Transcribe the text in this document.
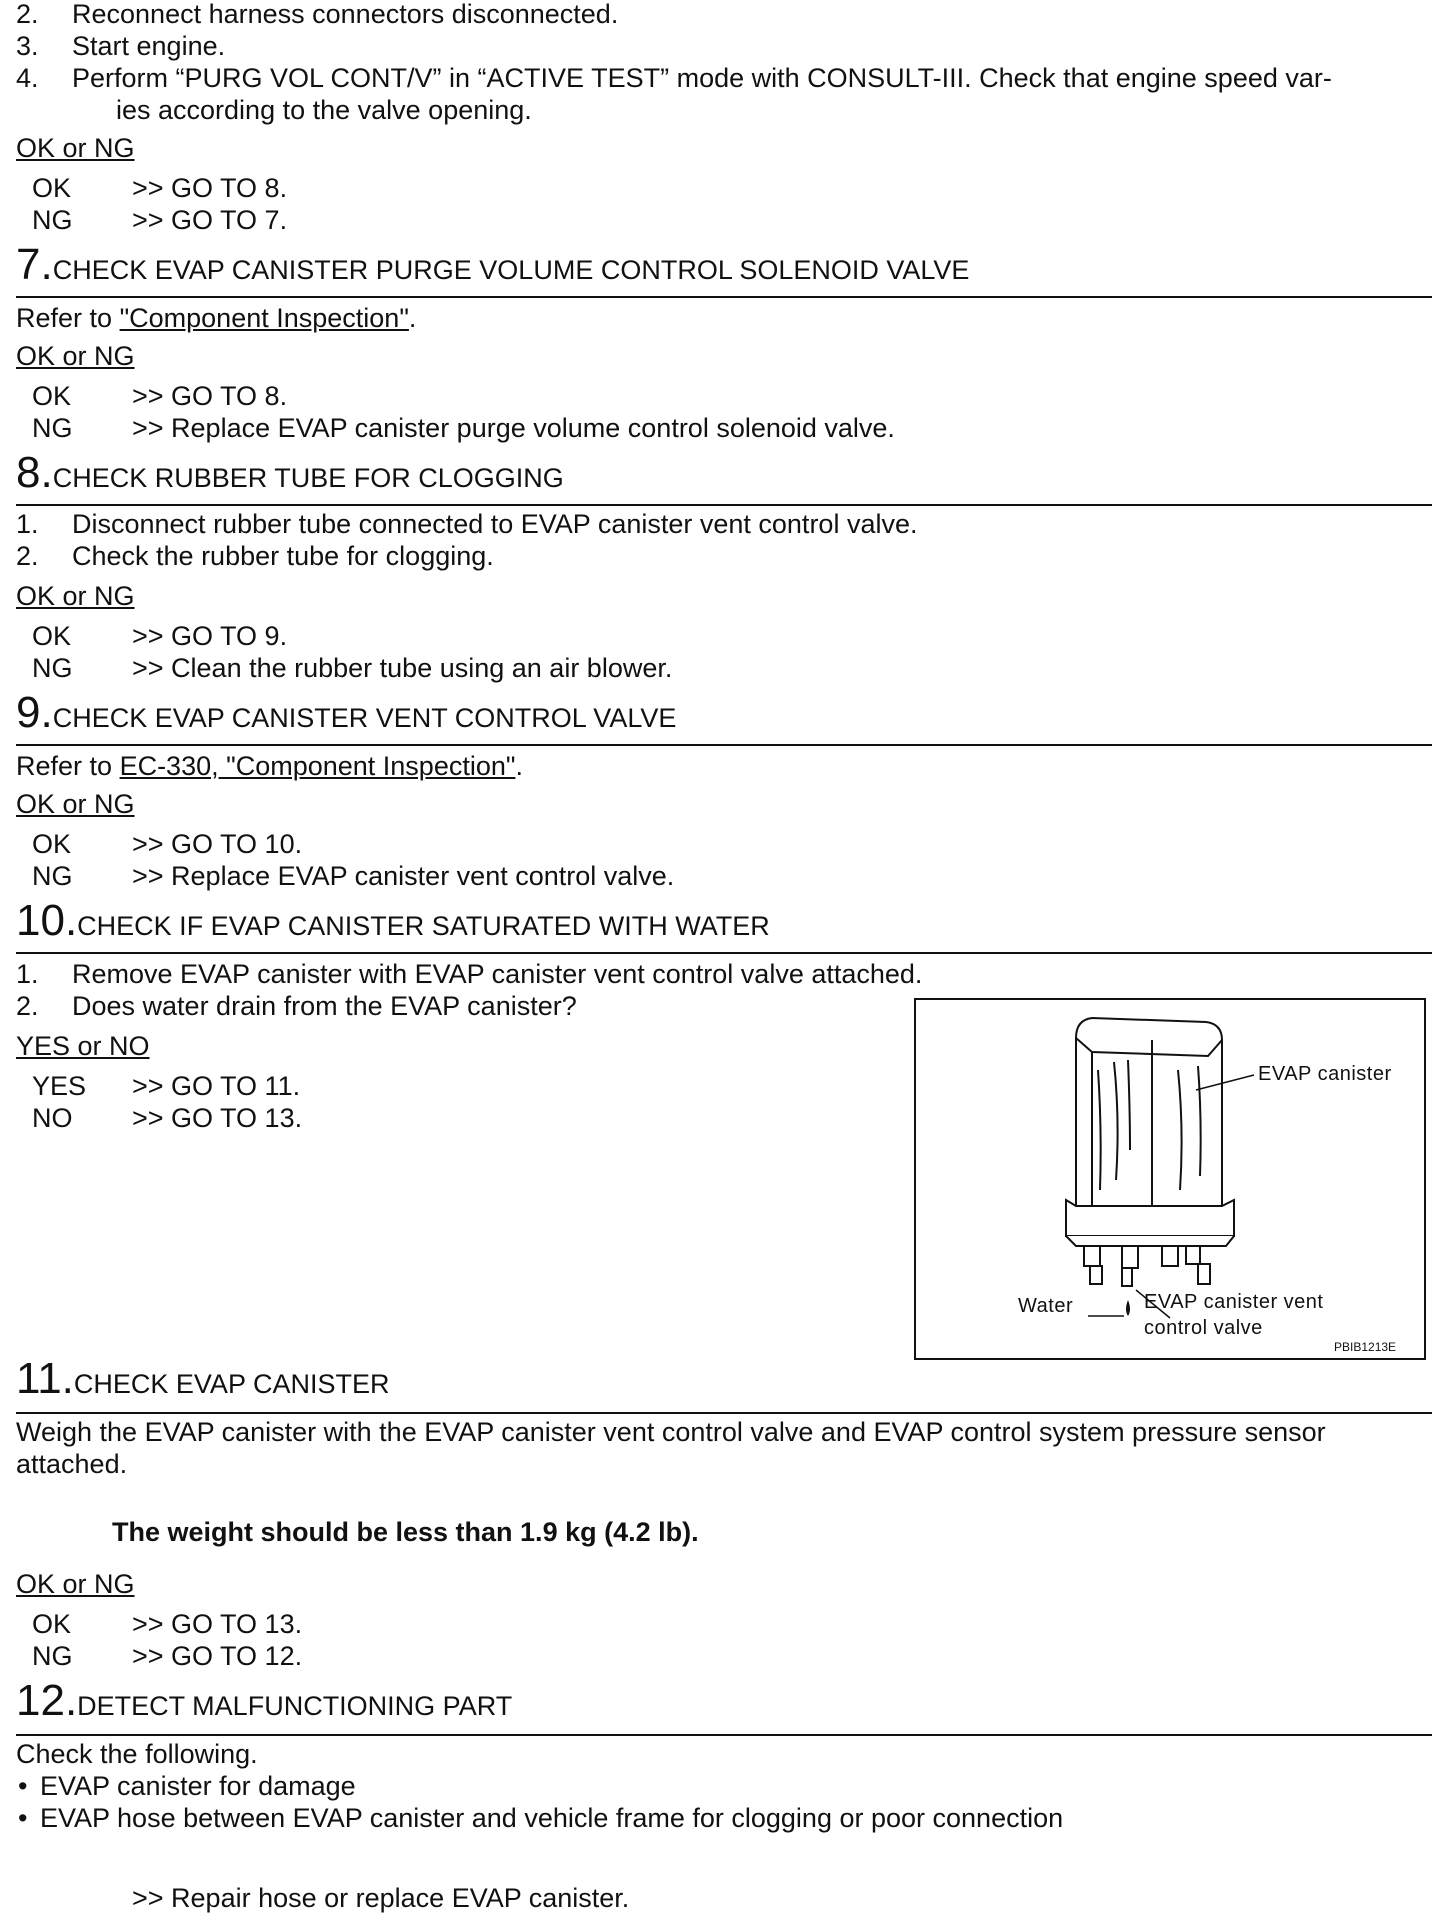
2. Reconnect harness connectors disconnected.
3. Start engine.
4. Perform “PURG VOL CONT/V” in “ACTIVE TEST” mode with CONSULT-III. Check that engine speed var-
ies according to the valve opening.
OK or NG
OK >> GO TO 8.
NG >> GO TO 7.
7.CHECK EVAP CANISTER PURGE VOLUME CONTROL SOLENOID VALVE
Refer to "Component Inspection".
OK or NG
OK >> GO TO 8.
NG >> Replace EVAP canister purge volume control solenoid valve.
8.CHECK RUBBER TUBE FOR CLOGGING
1. Disconnect rubber tube connected to EVAP canister vent control valve.
2. Check the rubber tube for clogging.
OK or NG
OK >> GO TO 9.
NG >> Clean the rubber tube using an air blower.
9.CHECK EVAP CANISTER VENT CONTROL VALVE
Refer to EC-330, "Component Inspection".
OK or NG
OK >> GO TO 10.
NG >> Replace EVAP canister vent control valve.
10.CHECK IF EVAP CANISTER SATURATED WITH WATER
1. Remove EVAP canister with EVAP canister vent control valve attached.
2. Does water drain from the EVAP canister?
YES or NO
YES >> GO TO 11.
NO >> GO TO 13.
EVAP canister
Water	EVAP canister vent
control valve
PBIB1213E
11.CHECK EVAP CANISTER
Weigh the EVAP canister with the EVAP canister vent control valve and EVAP control system pressure sensor
attached.
The weight should be less than 1.9 kg (4.2 lb).
OK or NG
OK >> GO TO 13.
NG >> GO TO 12.
12.DETECT MALFUNCTIONING PART
Check the following.
• EVAP canister for damage
• EVAP hose between EVAP canister and vehicle frame for clogging or poor connection
>> Repair hose or replace EVAP canister.
